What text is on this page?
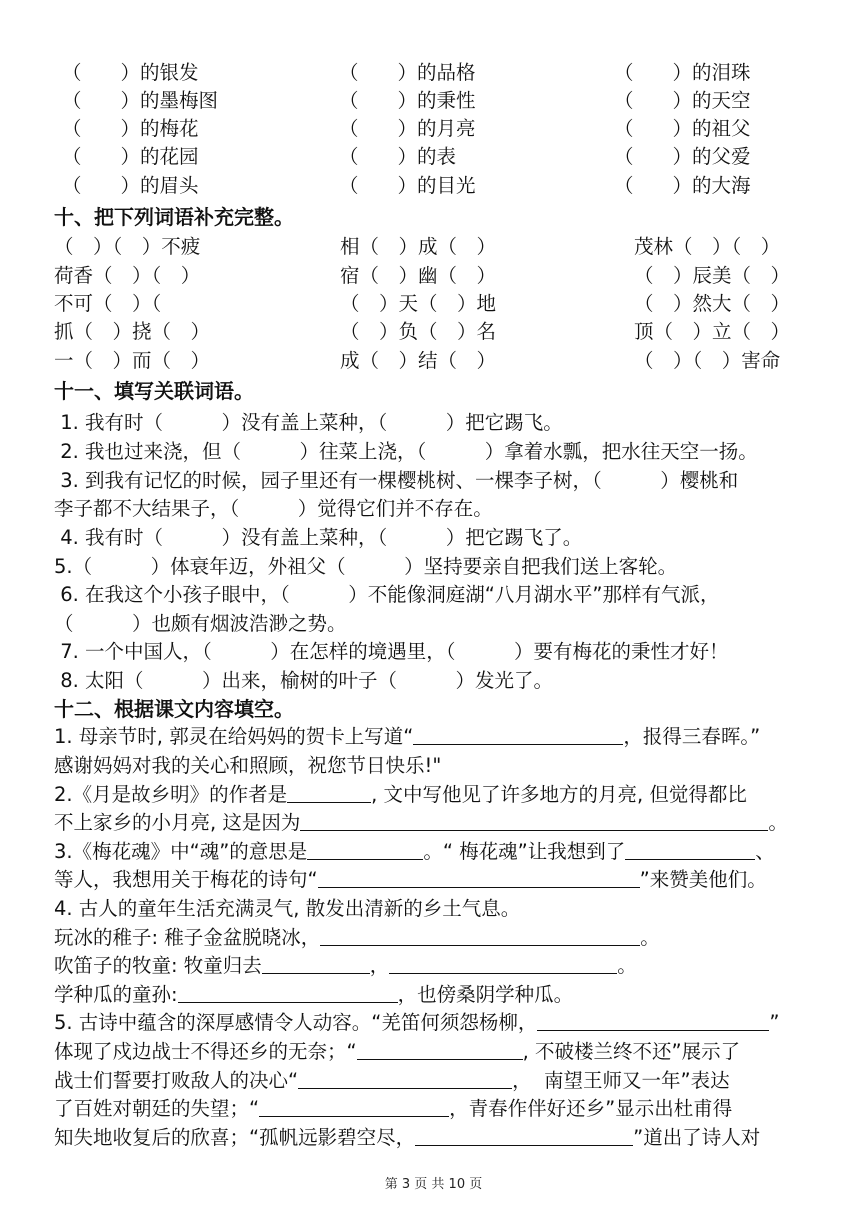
（　　）的银发	（　　）的品格	（　　）的泪珠
（　　）的墨梅图	（　　）的秉性	（　　）的天空
（　　）的梅花	（　　）的月亮	（　　）的祖父
（　　）的花园	（　　）的表	（　　）的父爱
（　　）的眉头	（　　）的目光	（　　）的大海
十、把下列词语补充完整。
（　）（　）不疲	相（　）成（　）	茂林（　）（　）
荷香（　）（　）	宿（　）幽（　）	（　）辰美（　）
不可（　）（	（　）天（　）地	（　）然大（　）
抓（　）挠（　）	（　）负（　）名	顶（　）立（　）
一（　）而（　）	成（　）结（　）	（　）（　）害命
十一、填写关联词语。
1. 我有时（　　　）没有盖上菜种，（　　　）把它踢飞。
2. 我也过来浇，但（　　　）往菜上浇，（　　　）拿着水瓢，把水往天空一扬。
3. 到我有记忆的时候，园子里还有一棵樱桃树、一棵李子树，（　　　）樱桃和
李子都不大结果子，（　　　）觉得它们并不存在。
4. 我有时（　　　）没有盖上菜种，（　　　）把它踢飞了。
5.（　　　）体衰年迈，外祖父（　　　）坚持要亲自把我们送上客轮。
6. 在我这个小孩子眼中，（　　　）不能像洞庭湖“八月湖水平”那样有气派，
（　　　）也颇有烟波浩渺之势。
7. 一个中国人，（　　　）在怎样的境遇里，（　　　）要有梅花的秉性才好！
8. 太阳（　　　）出来，榆树的叶子（　　　）发光了。
十二、根据课文内容填空。
1. 母亲节时, 郭灵在给妈妈的贺卡上写道“	，报得三春晖。”
感谢妈妈对我的关心和照顾，祝您节日快乐!"
2.《月是故乡明》的作者是	, 文中写他见了许多地方的月亮, 但觉得都比
不上家乡的小月亮, 这是因为	。
3.《梅花魂》中“魂”的意思是	。“ 梅花魂”让我想到了	、
等人，我想用关于梅花的诗句“	”来赞美他们。
4. 古人的童年生活充满灵气, 散发出清新的乡土气息。
玩冰的稚子: 稚子金盆脱晓冰，	。
吹笛子的牧童: 牧童归去	，	。
学种瓜的童孙:	，也傍桑阴学种瓜。
5. 古诗中蕴含的深厚感情令人动容。“羌笛何须怨杨柳，	”
体现了戍边战士不得还乡的无奈；“	, 不破楼兰终不还”展示了
战士们誓要打败敌人的决心“	，  南望王师又一年”表达
了百姓对朝廷的失望；“	，青春作伴好还乡”显示出杜甫得
知失地收复后的欣喜；“孤帆远影碧空尽，	”道出了诗人对
第 3 页 共 10 页
